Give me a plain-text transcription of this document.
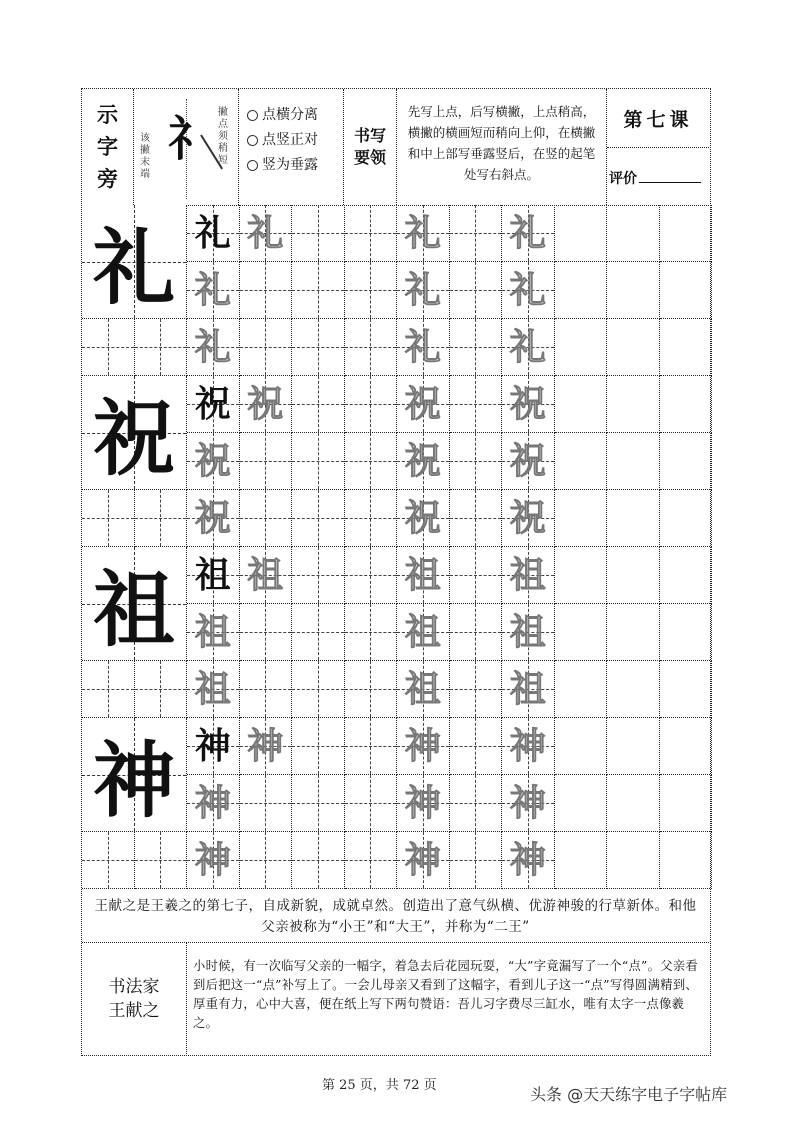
示
字
旁
该撇末端
礻 撇点须稍短
点横分离
点竖正对
竖为垂露
书写
要领
先写上点，后写横撇，上点稍高，横撇的横画短而稍向上仰，在横撇和中上部写垂露竖后，在竖的起笔处写右斜点。
第七课
评价
礼 礼 礼	礼 礼
礼	礼 礼
礼	礼 礼
祝 祝 祝	祝 祝
祝	祝 祝
祝	祝 祝
祖 祖 祖	祖 祖
祖	祖 祖
祖	祖 祖
神 神 神	神 神
神	神 神
神	神 神
王献之是王羲之的第七子，自成新貌，成就卓然。创造出了意气纵横、优游神骏的行草新体。和他父亲被称为“小王”和“大王”，并称为“二王”
书法家
王献之
小时候，有一次临写父亲的一幅字，着急去后花园玩耍，“大”字竟漏写了一个“点”。父亲看到后把这一“点”补写上了。一会儿母亲又看到了这幅字，看到儿子这一“点”写得圆满精到、厚重有力，心中大喜，便在纸上写下两句赞语：吾儿习字费尽三缸水，唯有太字一点像羲之。
第 25 页，共 72 页	头条 @天天练字电子字帖库
